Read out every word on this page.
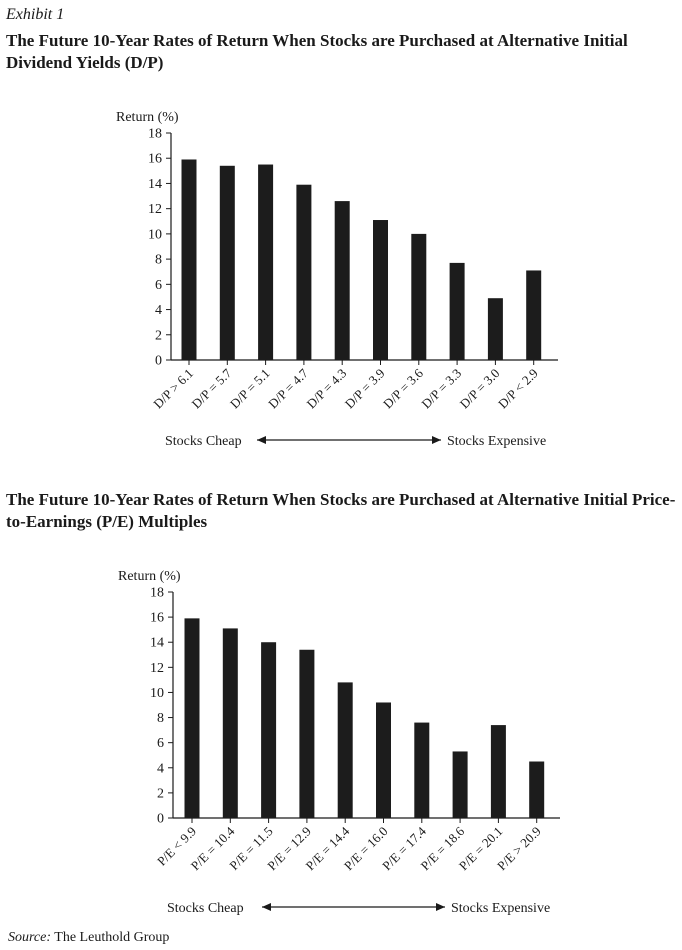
Exhibit 1
The Future 10-Year Rates of Return When Stocks are Purchased at Alternative Initial Dividend Yields (D/P)
Return (%)
0
2
4
6
8
10
12
14
16
18
D/P > 6.1
D/P = 5.7
D/P = 5.1
D/P = 4.7
D/P = 4.3
D/P = 3.9
D/P = 3.6
D/P = 3.3
D/P = 3.0
D/P < 2.9
Stocks Cheap	Stocks Expensive
The Future 10-Year Rates of Return When Stocks are Purchased at Alternative Initial Price-to-Earnings (P/E) Multiples
Return (%)
0
2
4
6
8
10
12
14
16
18
P/E < 9.9
P/E = 10.4
P/E = 11.5
P/E = 12.9
P/E = 14.4
P/E = 16.0
P/E = 17.4
P/E = 18.6
P/E = 20.1
P/E > 20.9
Stocks Cheap	Stocks Expensive
Source: The Leuthold Group
